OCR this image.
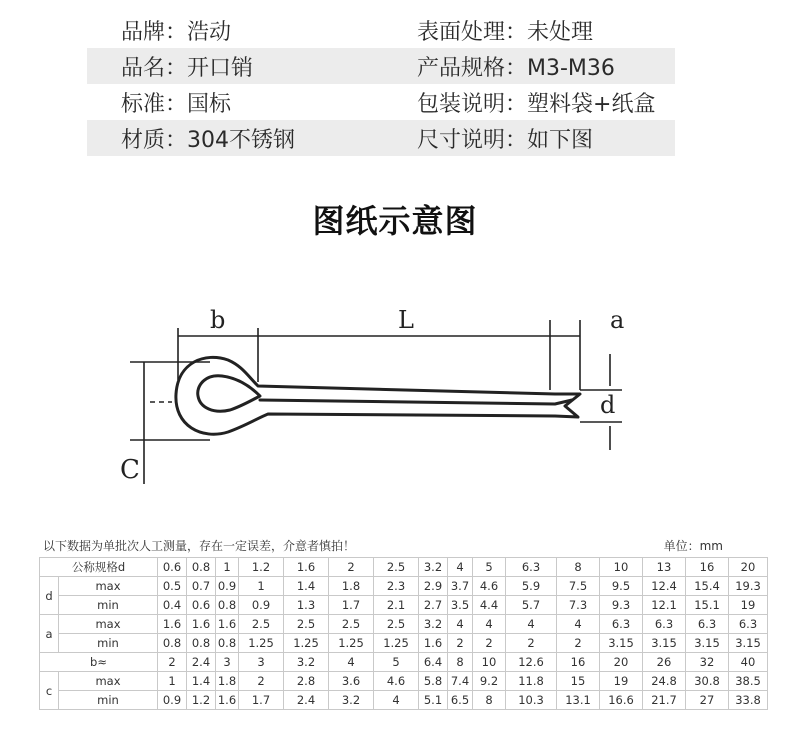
品牌：浩动	表面处理：未处理
品名：开口销	产品规格：M3-M36
标准：国标	包装说明：塑料袋+纸盒
材质：304不锈钢	尺寸说明：如下图
图纸示意图
b	L	a
d
C
以下数据为单批次人工测量，存在一定误差，介意者慎拍！	单位：mm
公称规格d		0.6	0.8	1	1.2	1.6	2	2.5	3.2	4	5	6.3	8	10	13	16	20
d	max	0.5	0.7	0.9	1	1.4	1.8	2.3	2.9	3.7	4.6	5.9	7.5	9.5	12.4	15.4	19.3
	min	0.4	0.6	0.8	0.9	1.3	1.7	2.1	2.7	3.5	4.4	5.7	7.3	9.3	12.1	15.1	19
a	max	1.6	1.6	1.6	2.5	2.5	2.5	2.5	3.2	4	4	4	4	6.3	6.3	6.3	6.3
	min	0.8	0.8	0.8	1.25	1.25	1.25	1.25	1.6	2	2	2	2	3.15	3.15	3.15	3.15
b≈		2	2.4	3	3	3.2	4	5	6.4	8	10	12.6	16	20	26	32	40
c	max	1	1.4	1.8	2	2.8	3.6	4.6	5.8	7.4	9.2	11.8	15	19	24.8	30.8	38.5
	min	0.9	1.2	1.6	1.7	2.4	3.2	4	5.1	6.5	8	10.3	13.1	16.6	21.7	27	33.8
